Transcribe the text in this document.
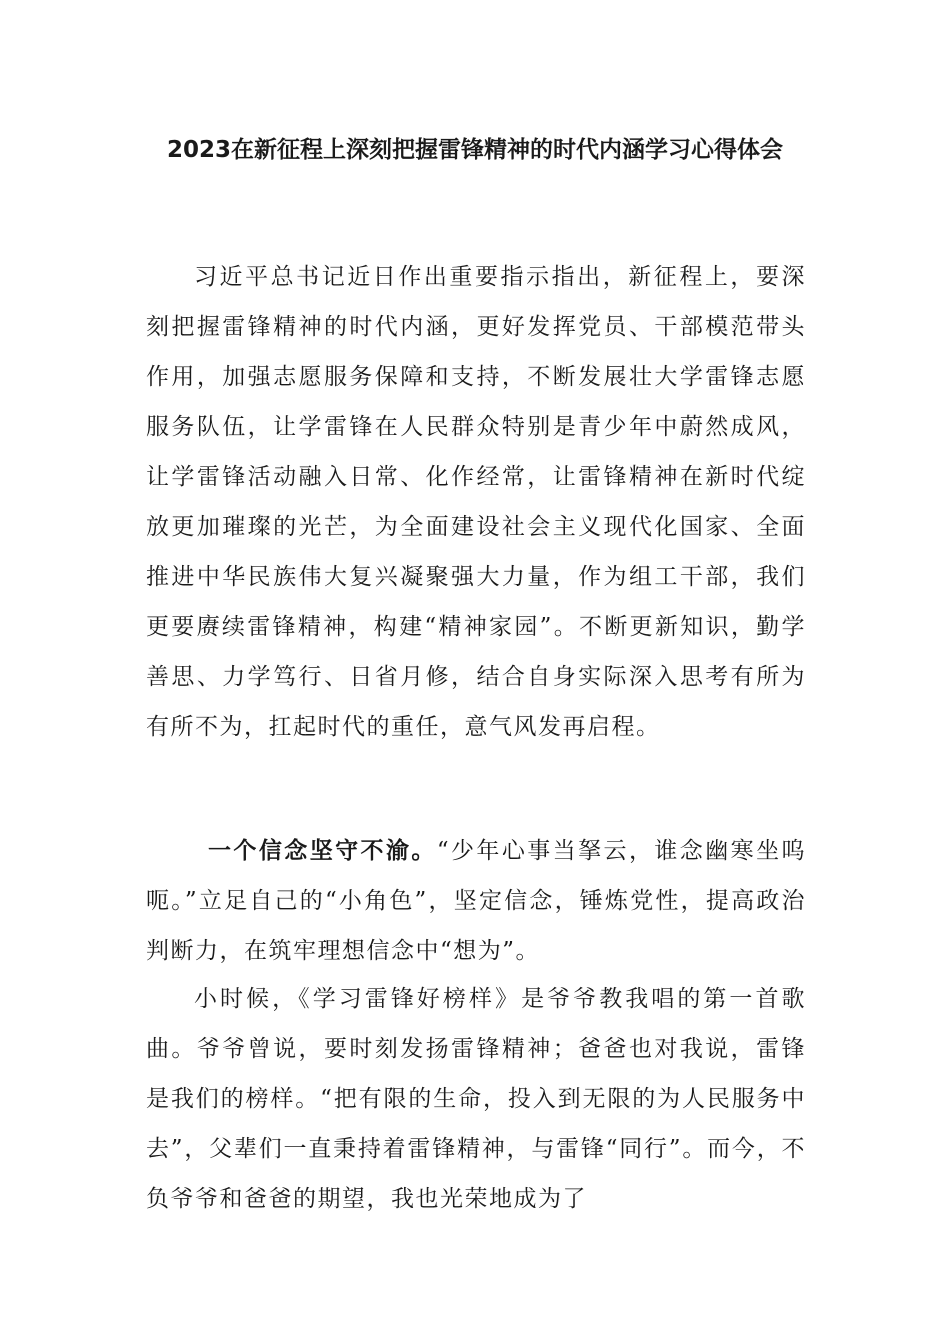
2023在新征程上深刻把握雷锋精神的时代内涵学习心得体会

习近平总书记近日作出重要指示指出，新征程上，要深刻把握雷锋精神的时代内涵，更好发挥党员、干部模范带头作用，加强志愿服务保障和支持，不断发展壮大学雷锋志愿服务队伍，让学雷锋在人民群众特别是青少年中蔚然成风，让学雷锋活动融入日常、化作经常，让雷锋精神在新时代绽放更加璀璨的光芒，为全面建设社会主义现代化国家、全面推进中华民族伟大复兴凝聚强大力量，作为组工干部，我们更要赓续雷锋精神，构建“精神家园”。不断更新知识，勤学善思、力学笃行、日省月修，结合自身实际深入思考有所为有所不为，扛起时代的重任，意气风发再启程。

一个信念坚守不渝。“少年心事当拏云，谁念幽寒坐呜呃。”立足自己的“小角色”，坚定信念，锤炼党性，提高政治判断力，在筑牢理想信念中“想为”。

小时候，《学习雷锋好榜样》是爷爷教我唱的第一首歌曲。爷爷曾说，要时刻发扬雷锋精神；爸爸也对我说，雷锋是我们的榜样。“把有限的生命，投入到无限的为人民服务中去”，父辈们一直秉持着雷锋精神，与雷锋“同行”。而今，不负爷爷和爸爸的期望，我也光荣地成为了
